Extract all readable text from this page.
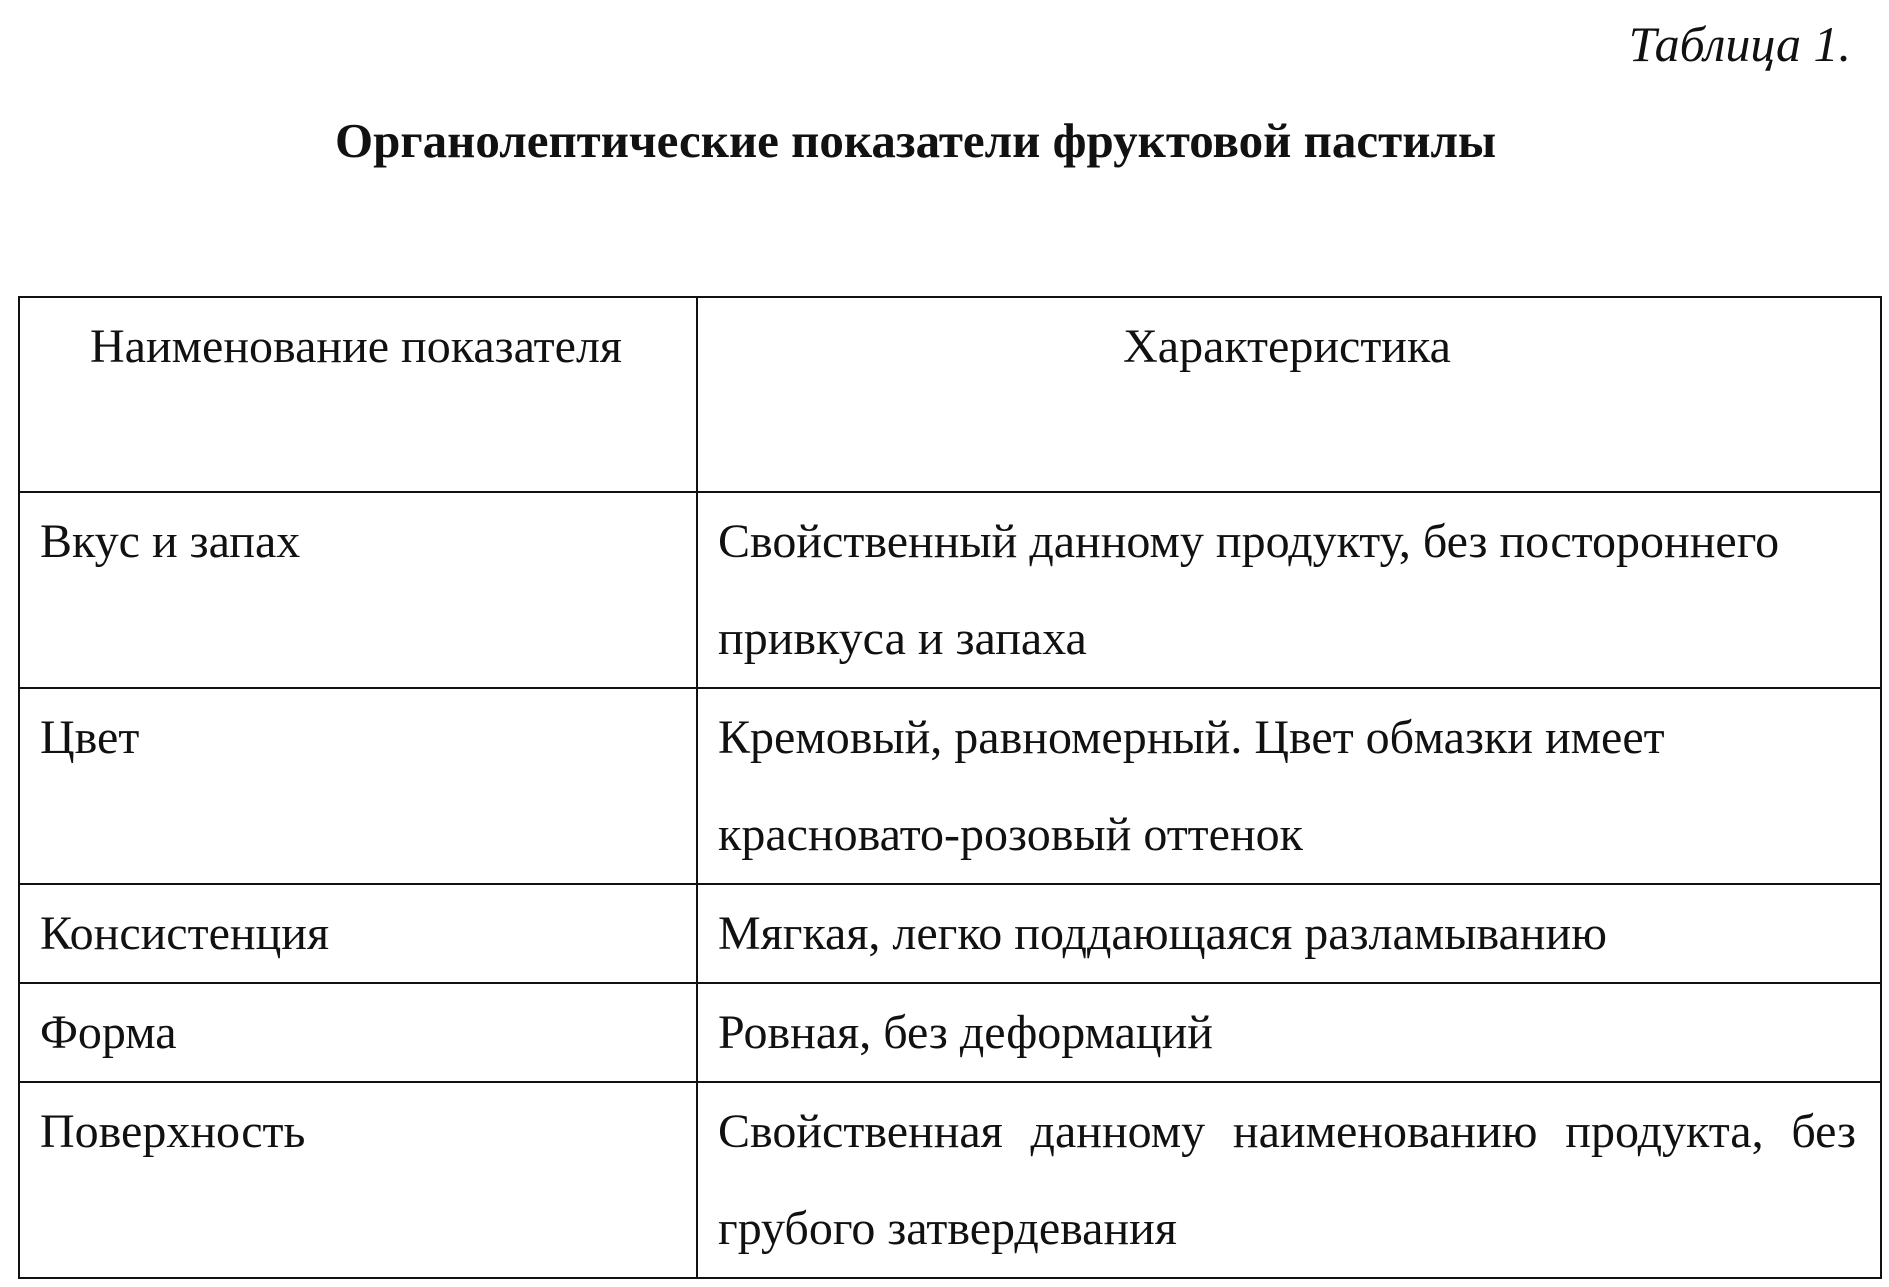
Таблица 1.
Органолептические показатели фруктовой пастилы
Наименование показателя	Характеристика
Вкус и запах	Свойственный данному продукту, без постороннего привкуса и запаха
Цвет	Кремовый, равномерный. Цвет обмазки имеет красновато-розовый оттенок
Консистенция	Мягкая, легко поддающаяся разламыванию
Форма	Ровная, без деформаций
Поверхность	Свойственная данному наименованию продукта, без грубого затвердевания
